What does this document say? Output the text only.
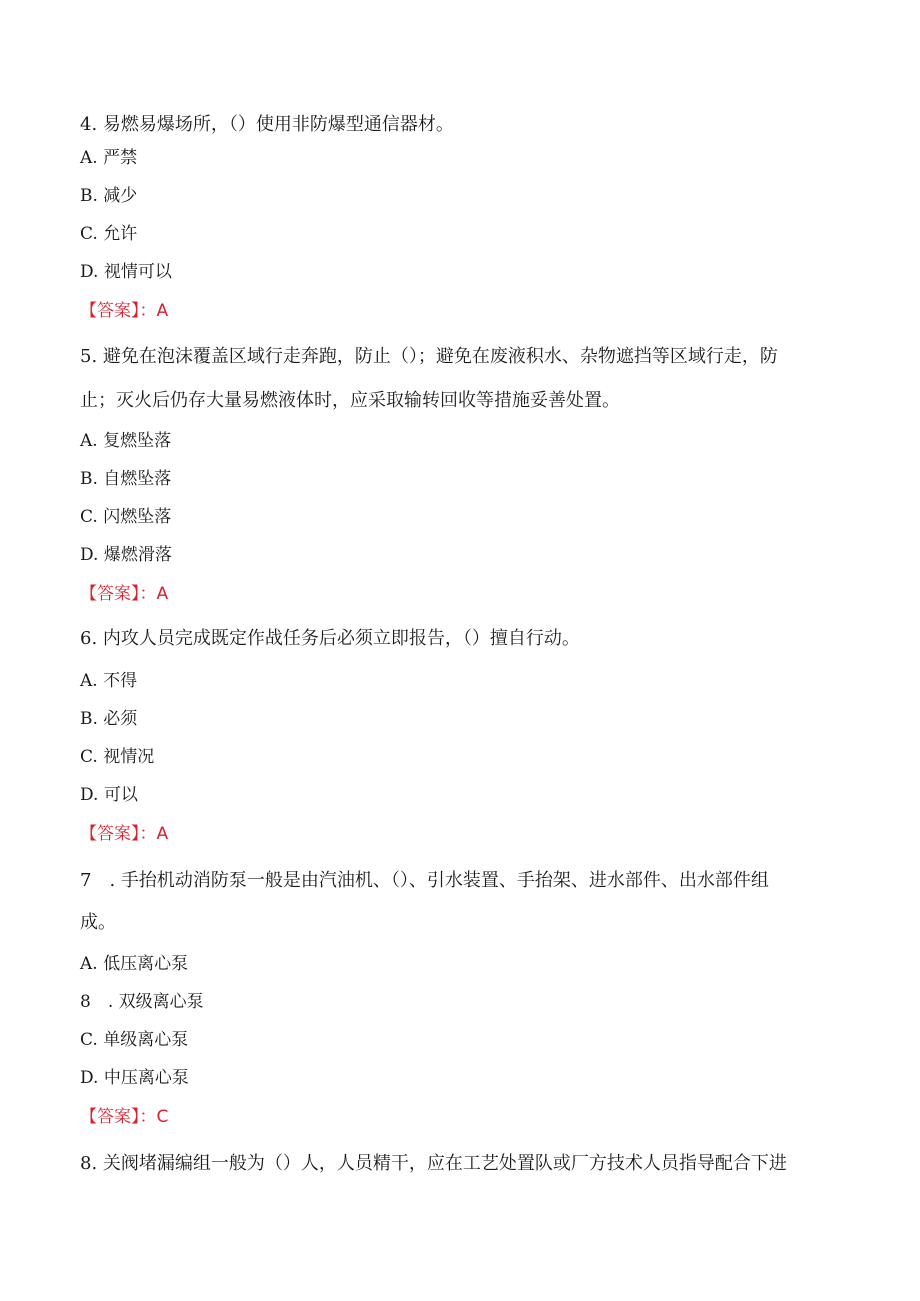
4. 易燃易爆场所，（）使用非防爆型通信器材。

A. 严禁

B. 减少

C. 允许

D. 视情可以

【答案】：A

5. 避免在泡沫覆盖区域行走奔跑，防止（）；避免在废液积水、杂物遮挡等区域行走，防

止；灭火后仍存大量易燃液体时，应采取输转回收等措施妥善处置。

A. 复燃坠落

B. 自燃坠落

C. 闪燃坠落

D. 爆燃滑落

【答案】：A

6. 内攻人员完成既定作战任务后必须立即报告，（）擅自行动。

A. 不得

B. 必须

C. 视情况

D. 可以

【答案】：A

7　. 手抬机动消防泵一般是由汽油机、（）、引水装置、手抬架、进水部件、出水部件组

成。

A. 低压离心泵

8　. 双级离心泵

C. 单级离心泵

D. 中压离心泵

【答案】：C

8. 关阀堵漏编组一般为（）人，人员精干，应在工艺处置队或厂方技术人员指导配合下进
